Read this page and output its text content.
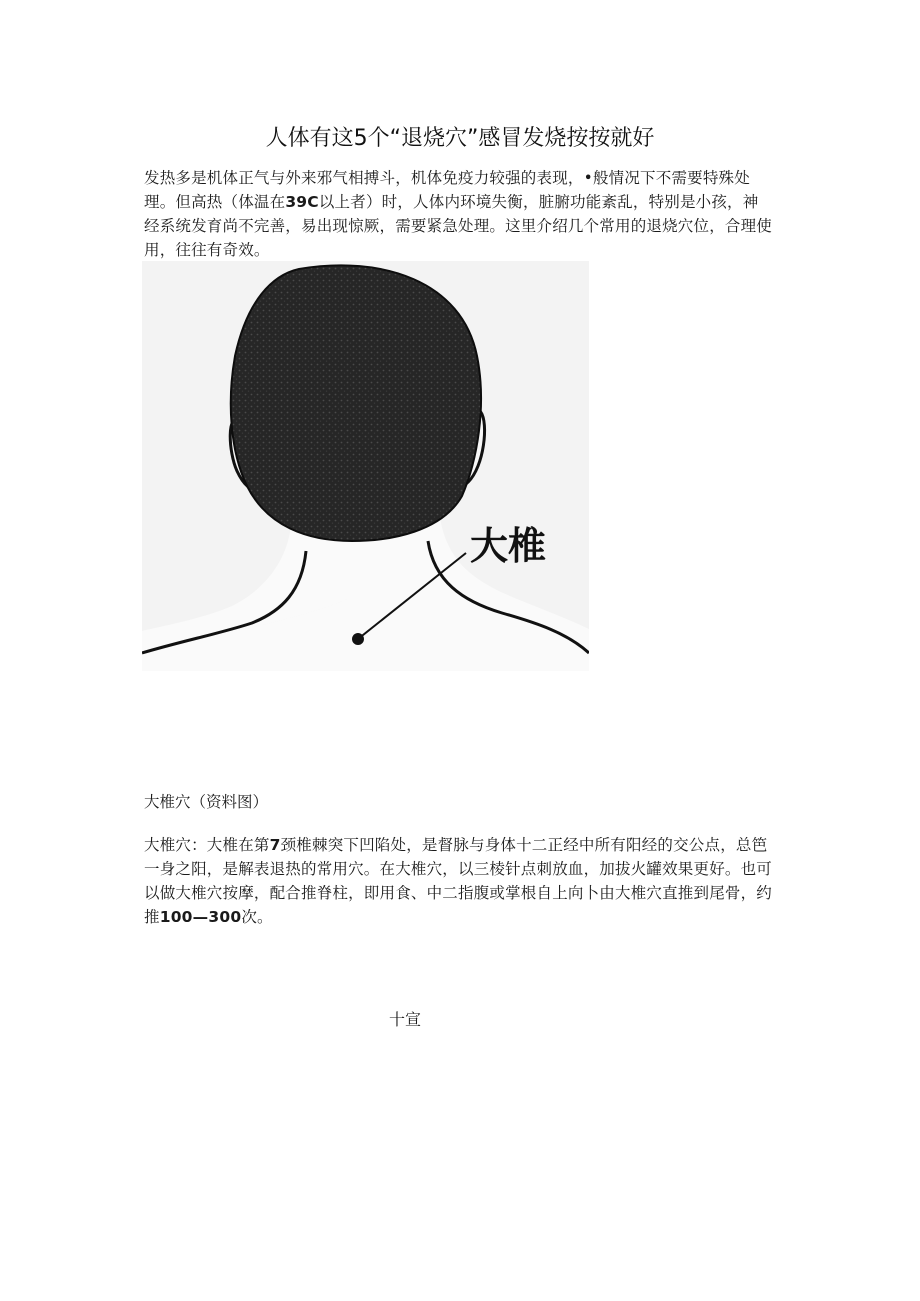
人体有这5个“退烧穴”感冒发烧按按就好

发热多是机体正气与外来邪气相搏斗，机体免疫力较强的表现，•般情况下不需要特殊处理。但高热（体温在39C以上者）时，人体内环境失衡，脏腑功能紊乱，特别是小孩，神经系统发育尚不完善，易出现惊厥，需要紧急处理。这里介绍几个常用的退烧穴位，合理使用，往往有奇效。

大椎
大椎穴（资料图）

大椎穴：大椎在第7颈椎棘突下凹陷处，是督脉与身体十二正经中所有阳经的交公点，总笆一身之阳，是解表退热的常用穴。在大椎穴，以三棱针点刺放血，加拔火罐效果更好。也可以做大椎穴按摩，配合推脊柱，即用食、中二指腹或掌根自上向卜由大椎穴直推到尾骨，约推100—300次。

十宣
